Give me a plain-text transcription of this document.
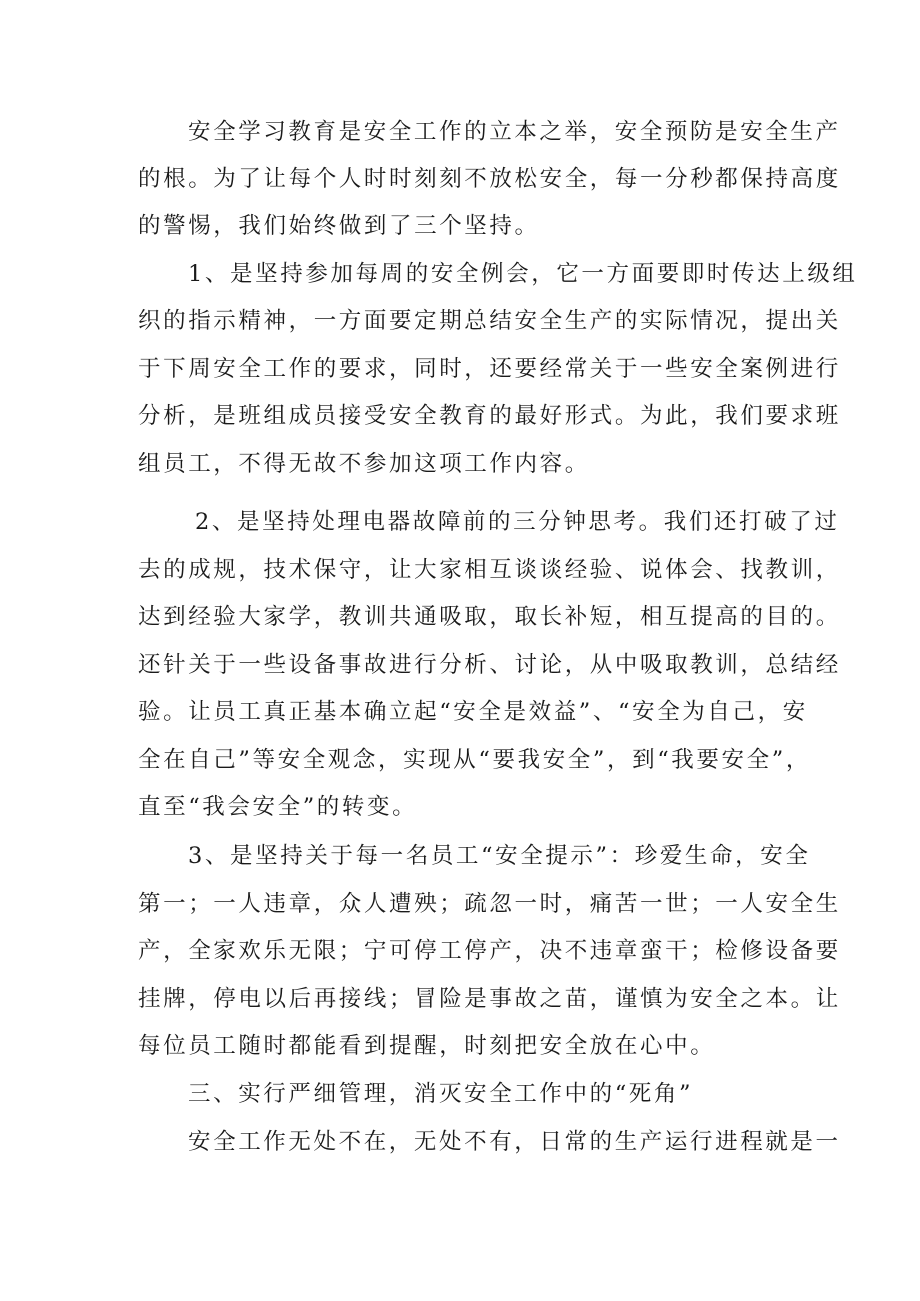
安全学习教育是安全工作的立本之举，安全预防是安全生产
的根。为了让每个人时时刻刻不放松安全，每一分秒都保持高度
的警惕，我们始终做到了三个坚持。
1、是坚持参加每周的安全例会，它一方面要即时传达上级组
织的指示精神，一方面要定期总结安全生产的实际情况，提出关
于下周安全工作的要求，同时，还要经常关于一些安全案例进行
分析，是班组成员接受安全教育的最好形式。为此，我们要求班
组员工，不得无故不参加这项工作内容。
2、是坚持处理电器故障前的三分钟思考。我们还打破了过
去的成规，技术保守，让大家相互谈谈经验、说体会、找教训，
达到经验大家学，教训共通吸取，取长补短，相互提高的目的。
还针关于一些设备事故进行分析、讨论，从中吸取教训，总结经
验。让员工真正基本确立起“安全是效益”、“安全为自己，安
全在自己”等安全观念，实现从“要我安全”，到“我要安全”，
直至“我会安全”的转变。
3、是坚持关于每一名员工“安全提示”：珍爱生命，安全
第一；一人违章，众人遭殃；疏忽一时，痛苦一世；一人安全生
产，全家欢乐无限；宁可停工停产，决不违章蛮干；检修设备要
挂牌，停电以后再接线；冒险是事故之苗，谨慎为安全之本。让
每位员工随时都能看到提醒，时刻把安全放在心中。
三、实行严细管理，消灭安全工作中的“死角”
安全工作无处不在，无处不有，日常的生产运行进程就是一
